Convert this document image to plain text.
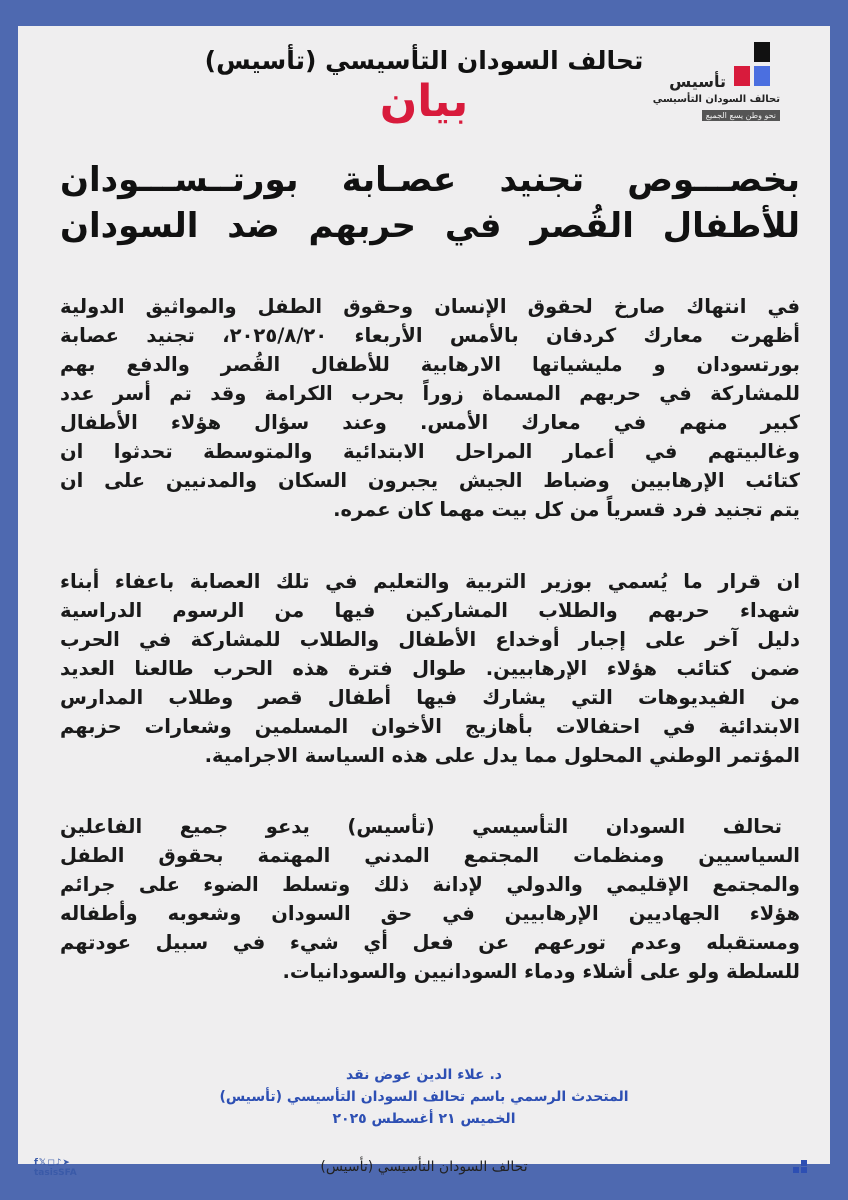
تأسيس
تحالف السودان التأسيسي
نحو وطن يسع الجميع
تحالف السودان التأسيسي (تأسيس)
بيان
بخصـــوص تجنيد عصـابة بورتــســـودان
للأطفال القُصر في حربهم ضد السودان
في انتهاك صارخ لحقوق الإنسان وحقوق الطفل والمواثيق الدولية
أظهرت معارك كردفان بالأمس الأربعاء ٢٠٢٥/٨/٢٠، تجنيد عصابة
بورتسودان و مليشياتها الارهابية للأطفال القُصر والدفع بهم
للمشاركة في حربهم المسماة زوراً بحرب الكرامة وقد تم أسر عدد
كبير منهم في معارك الأمس. وعند سؤال هؤلاء الأطفال
وغالبيتهم في أعمار المراحل الابتدائية والمتوسطة تحدثوا ان
كتائب الإرهابيين وضباط الجيش يجبرون السكان والمدنيين على ان
يتم تجنيد فرد قسرياً من كل بيت مهما كان عمره.
ان قرار ما يُسمي بوزير التربية والتعليم في تلك العصابة باعفاء أبناء
شهداء حربهم والطلاب المشاركين فيها من الرسوم الدراسية
دليل آخر على إجبار أوخداع الأطفال والطلاب للمشاركة في الحرب
ضمن كتائب هؤلاء الإرهابيين. طوال فترة هذه الحرب طالعنا العديد
من الفيديوهات التي يشارك فيها أطفال قصر وطلاب المدارس
الابتدائية في احتفالات بأهازيج الأخوان المسلمين وشعارات حزبهم
المؤتمر الوطني المحلول مما يدل على هذه السياسة الاجرامية.
تحالف السودان التأسيسي (تأسيس) يدعو جميع الفاعلين
السياسيين ومنظمات المجتمع المدني المهتمة بحقوق الطفل
والمجتمع الإقليمي والدولي لإدانة ذلك وتسلط الضوء على جرائم
هؤلاء الجهاديين الإرهابيين في حق السودان وشعوبه وأطفاله
ومستقبله وعدم تورعهم عن فعل أي شيء في سبيل عودتهم
للسلطة ولو على أشلاء ودماء السودانيين والسودانيات.
د. علاء الدين عوض نقد
المتحدث الرسمي باسم تحالف السودان التأسيسي (تأسيس)
الخميس ٢١ أغسطس ٢٠٢٥
f𝕏◻♪➤
tasisSFA	تحالف السودان التأسيسي (تأسيس)
